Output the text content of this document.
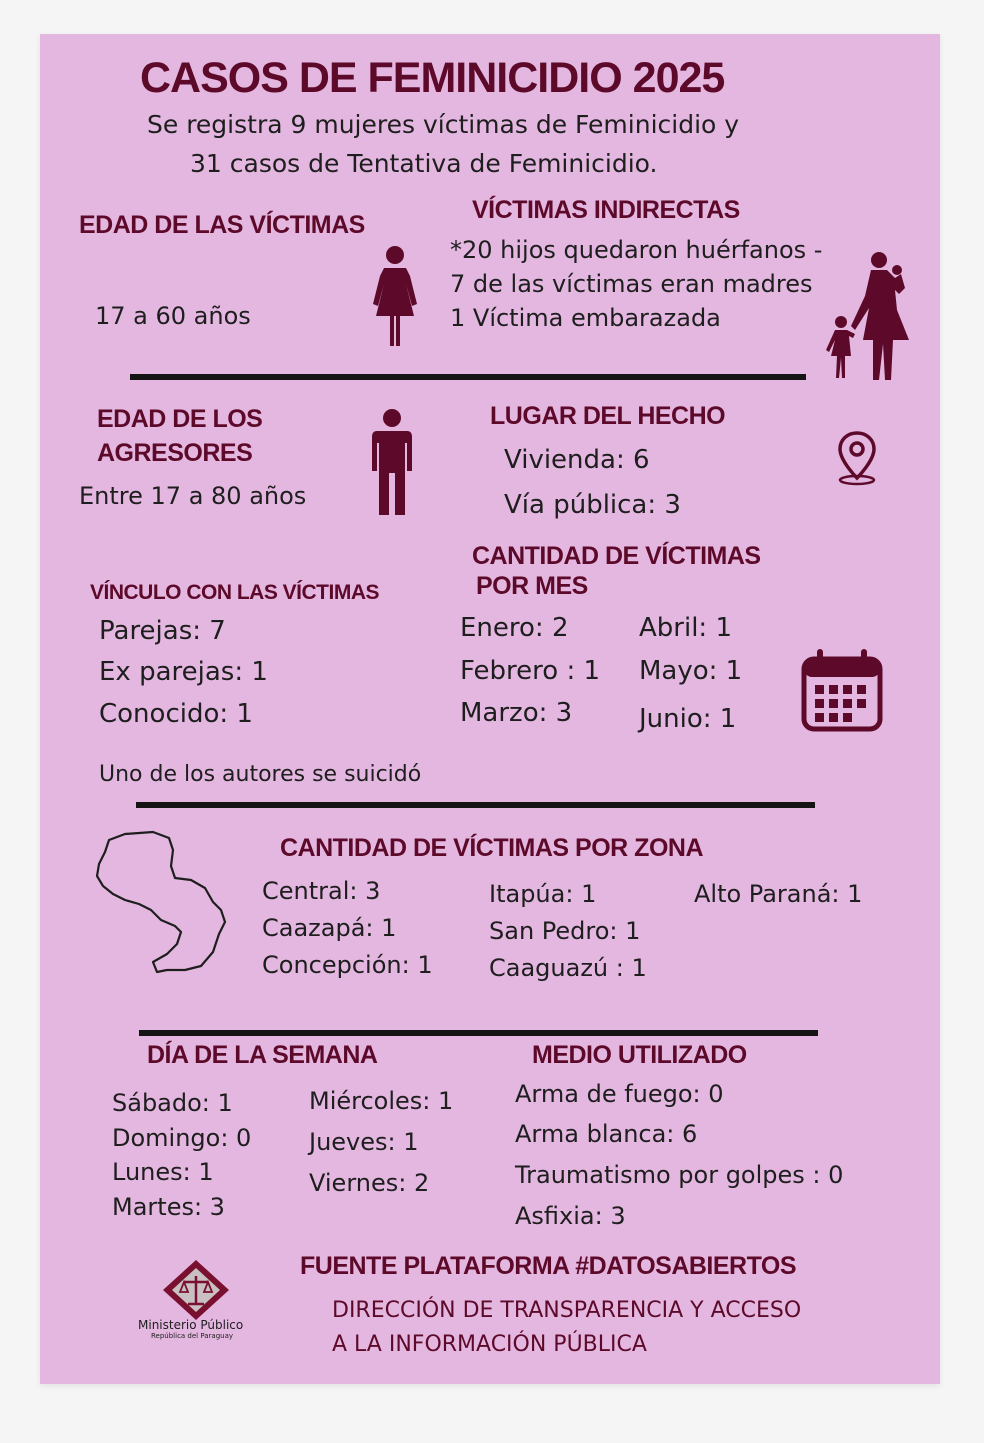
CASOS DE FEMINICIDIO 2025
Se registra 9 mujeres víctimas de Feminicidio y
31 casos de Tentativa de Feminicidio.
EDAD DE LAS VÍCTIMAS
17 a 60 años
VÍCTIMAS INDIRECTAS
*20 hijos quedaron huérfanos -
7 de las víctimas eran madres
1 Víctima embarazada
EDAD DE LOS
AGRESORES
Entre 17 a 80 años
LUGAR DEL HECHO
Vivienda: 6
Vía pública: 3
CANTIDAD DE VÍCTIMAS
POR MES
VÍNCULO CON LAS VÍCTIMAS
Parejas: 7
Ex parejas: 1
Conocido: 1
Uno de los autores se suicidó
Enero: 2
Febrero : 1
Marzo: 3
Abril: 1
Mayo: 1
Junio: 1
CANTIDAD DE VÍCTIMAS POR ZONA
Central: 3
Caazapá: 1
Concepción: 1
Itapúa: 1
San Pedro: 1
Caaguazú : 1
Alto Paraná: 1
DÍA DE LA SEMANA
Sábado: 1
Domingo: 0
Lunes: 1
Martes: 3
Miércoles: 1
Jueves: 1
Viernes: 2
MEDIO UTILIZADO
Arma de fuego: 0
Arma blanca: 6
Traumatismo por golpes : 0
Asfixia: 3
Ministerio Público
República del Paraguay
FUENTE PLATAFORMA #DATOSABIERTOS
DIRECCIÓN DE TRANSPARENCIA Y ACCESO
A LA INFORMACIÓN PÚBLICA
